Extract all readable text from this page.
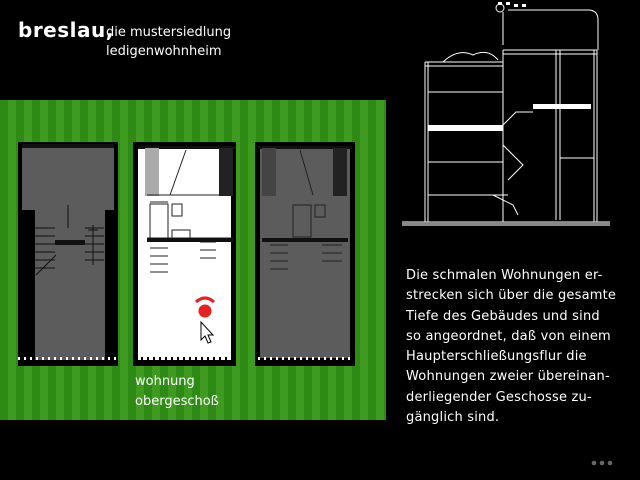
breslau,
die mustersiedlung
ledigenwohnheim
wohnung
obergeschoß
Die schmalen Wohnungen er-
strecken sich über die gesamte
Tiefe des Gebäudes und sind
so angeordnet, daß von einem
Haupterschließungsflur die
Wohnungen zweier übereinan-
derliegender Geschosse zu-
gänglich sind.
